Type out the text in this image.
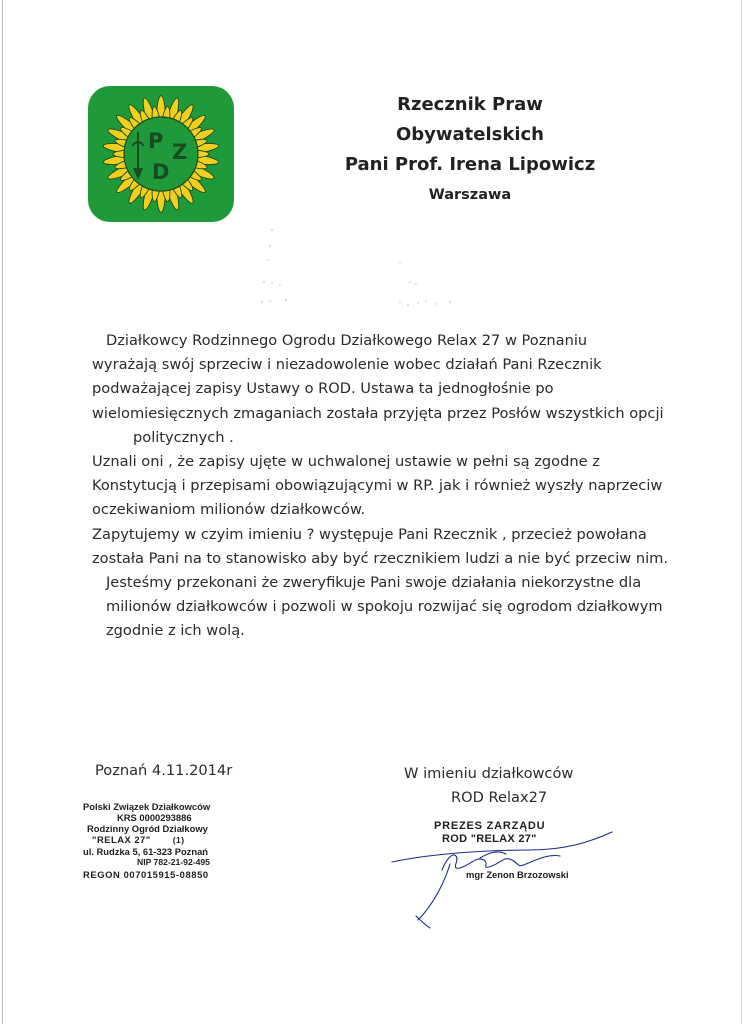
P Z
D
Rzecznik Praw Obywatelskich
Pani Prof. Irena Lipowicz
Warszawa

Działkowcy Rodzinnego Ogrodu Działkowego Relax 27 w Poznaniu
wyrażają swój sprzeciw i niezadowolenie wobec działań Pani Rzecznik
podważającej zapisy Ustawy o ROD. Ustawa ta jednogłośnie po
wielomiesięcznych zmaganiach została przyjęta przez Posłów wszystkich opcji
politycznych .

Uznali oni , że zapisy ujęte w uchwalonej ustawie w pełni są zgodne z
Konstytucją i przepisami obowiązującymi w RP. jak i również wyszły naprzeciw
oczekiwaniom milionów działkowców.

Zapytujemy w czyim imieniu ? występuje Pani Rzecznik , przecież powołana
została Pani na to stanowisko aby być rzecznikiem ludzi a nie być przeciw nim.
Jesteśmy przekonani że zweryfikuje Pani swoje działania niekorzystne dla
milionów działkowców i pozwoli w spokoju rozwijać się ogrodom działkowym
zgodnie z ich wolą.

Poznań 4.11.2014r	W imieniu działkowców
ROD Relax27
Polski Związek Działkowców
KRS 0000293886
Rodzinny Ogród Działkowy
"RELAX 27"	(1)
ul. Rudzka 5, 61-323 Poznań
NIP 782-21-92-495
REGON 007015915-08850
PREZES ZARZĄDU
ROD "RELAX 27"
mgr Zenon Brzozowski
